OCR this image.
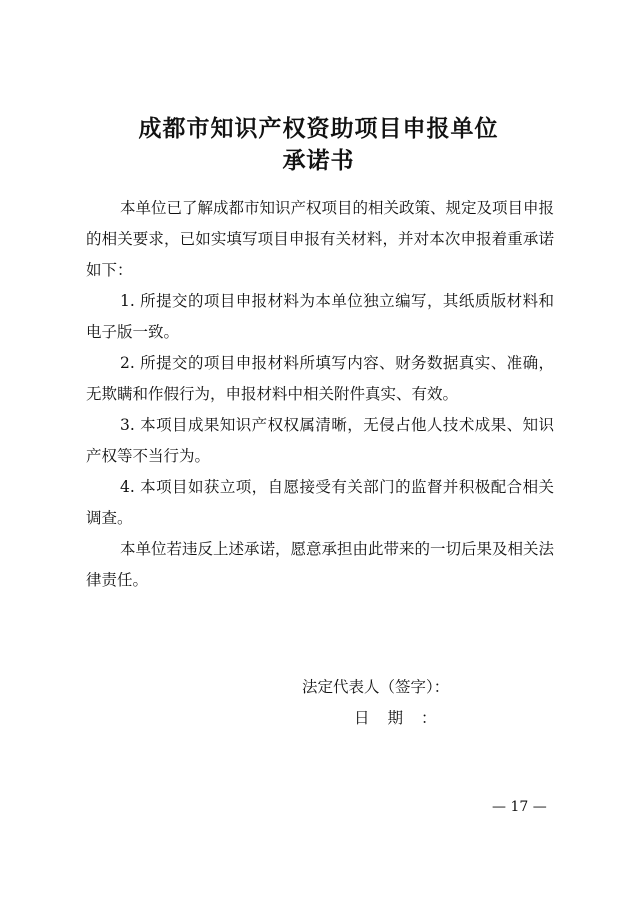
成都市知识产权资助项目申报单位
承诺书
本单位已了解成都市知识产权项目的相关政策、规定及项目申报的相关要求，已如实填写项目申报有关材料，并对本次申报着重承诺如下：
1. 所提交的项目申报材料为本单位独立编写，其纸质版材料和电子版一致。
2. 所提交的项目申报材料所填写内容、财务数据真实、准确，无欺瞒和作假行为，申报材料中相关附件真实、有效。
3. 本项目成果知识产权权属清晰，无侵占他人技术成果、知识产权等不当行为。
4. 本项目如获立项，自愿接受有关部门的监督并积极配合相关调查。
本单位若违反上述承诺，愿意承担由此带来的一切后果及相关法律责任。
法定代表人（签字）：
日期：
— 17 —
